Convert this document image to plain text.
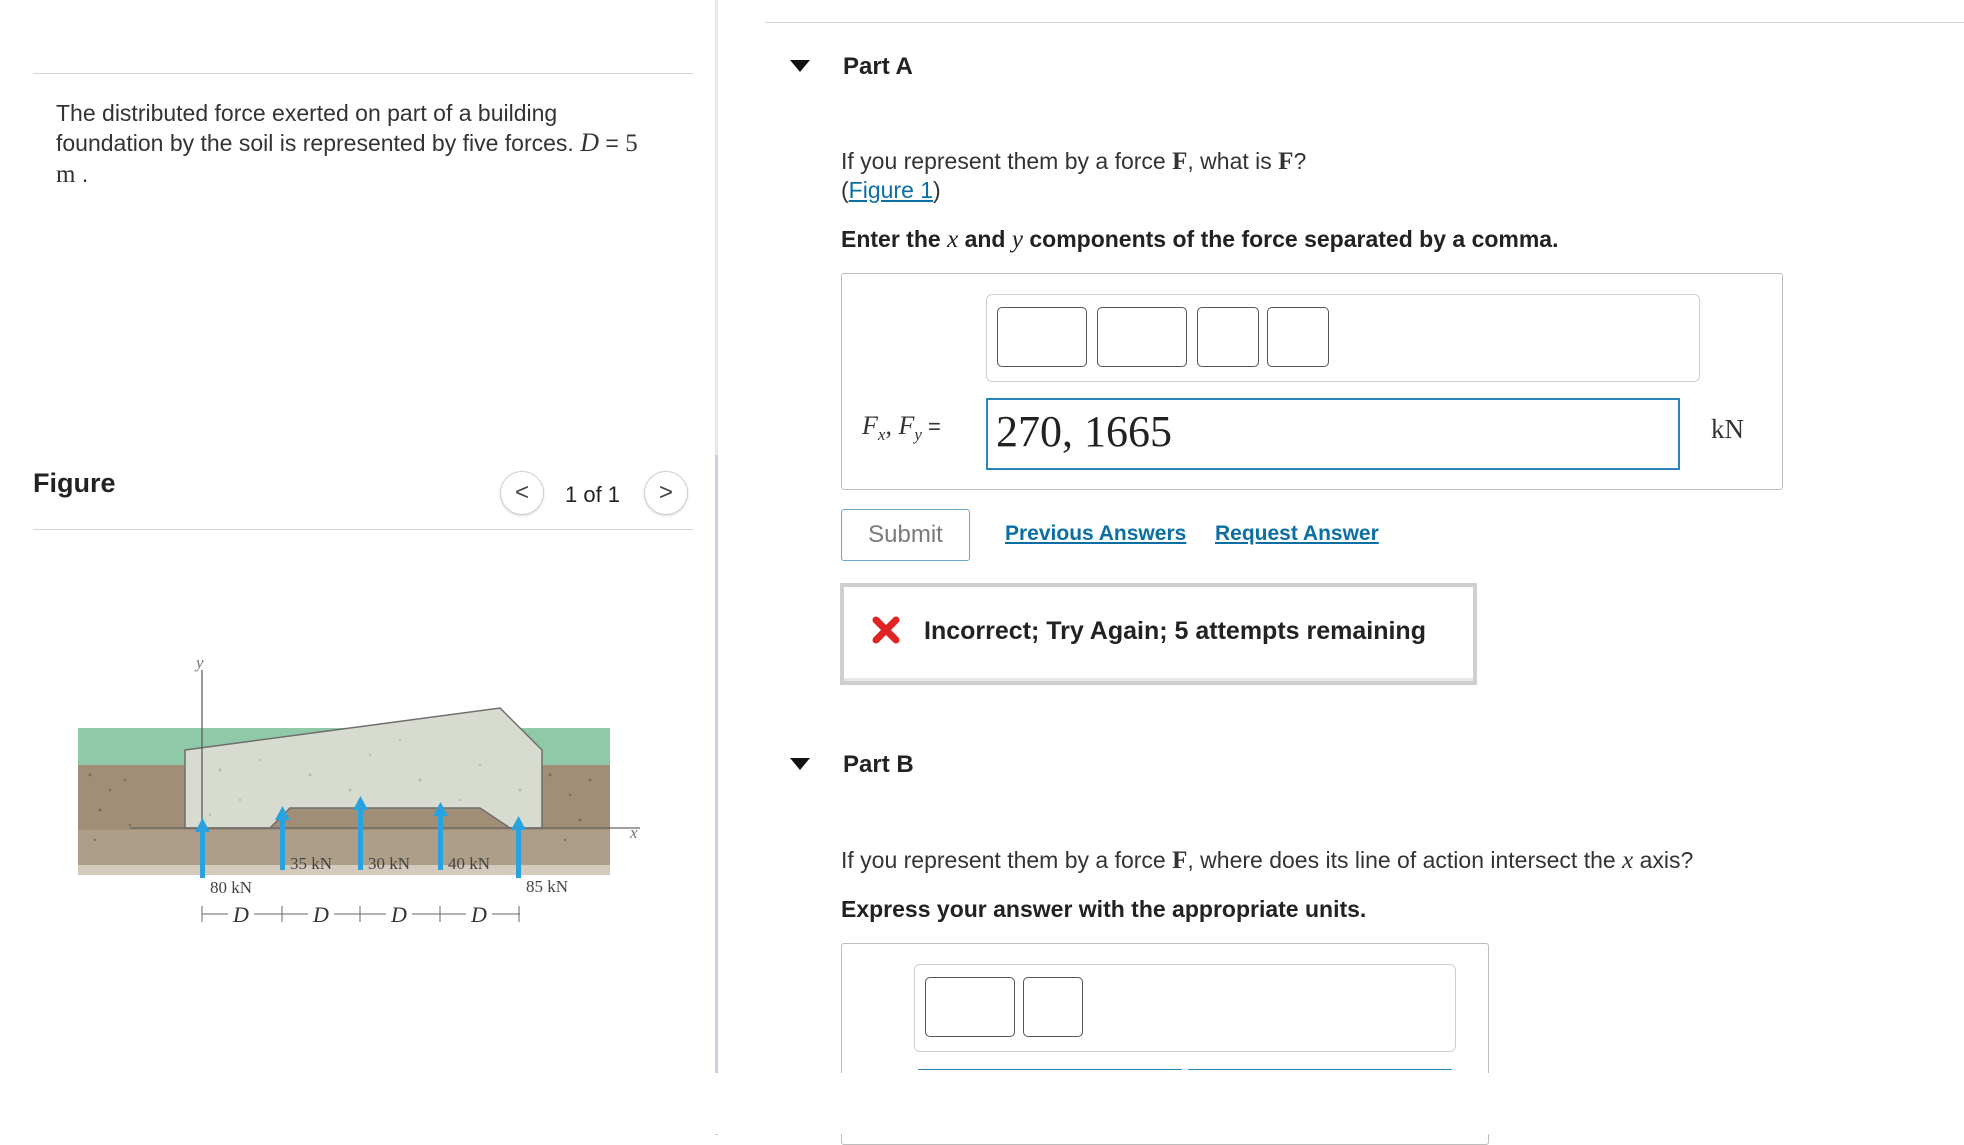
The distributed force exerted on part of a building foundation by the soil is represented by five forces. D = 5 m .
Figure	< 1 of 1 >
y
x
80 kN
35 kN 30 kN 40 kN
85 kN
D	D	D	D
Part A
If you represent them by a force F, what is F?
(Figure 1)
Enter the x and y components of the force separated by a comma.
$F_x$, $F_y = 270$, 1665	kN
Submit	Previous Answers Request Answer
Incorrect; Try Again; 5 attempts remaining
Part B
If you represent them by a force F, where does its line of action intersect the x axis?
Express your answer with the appropriate units.
